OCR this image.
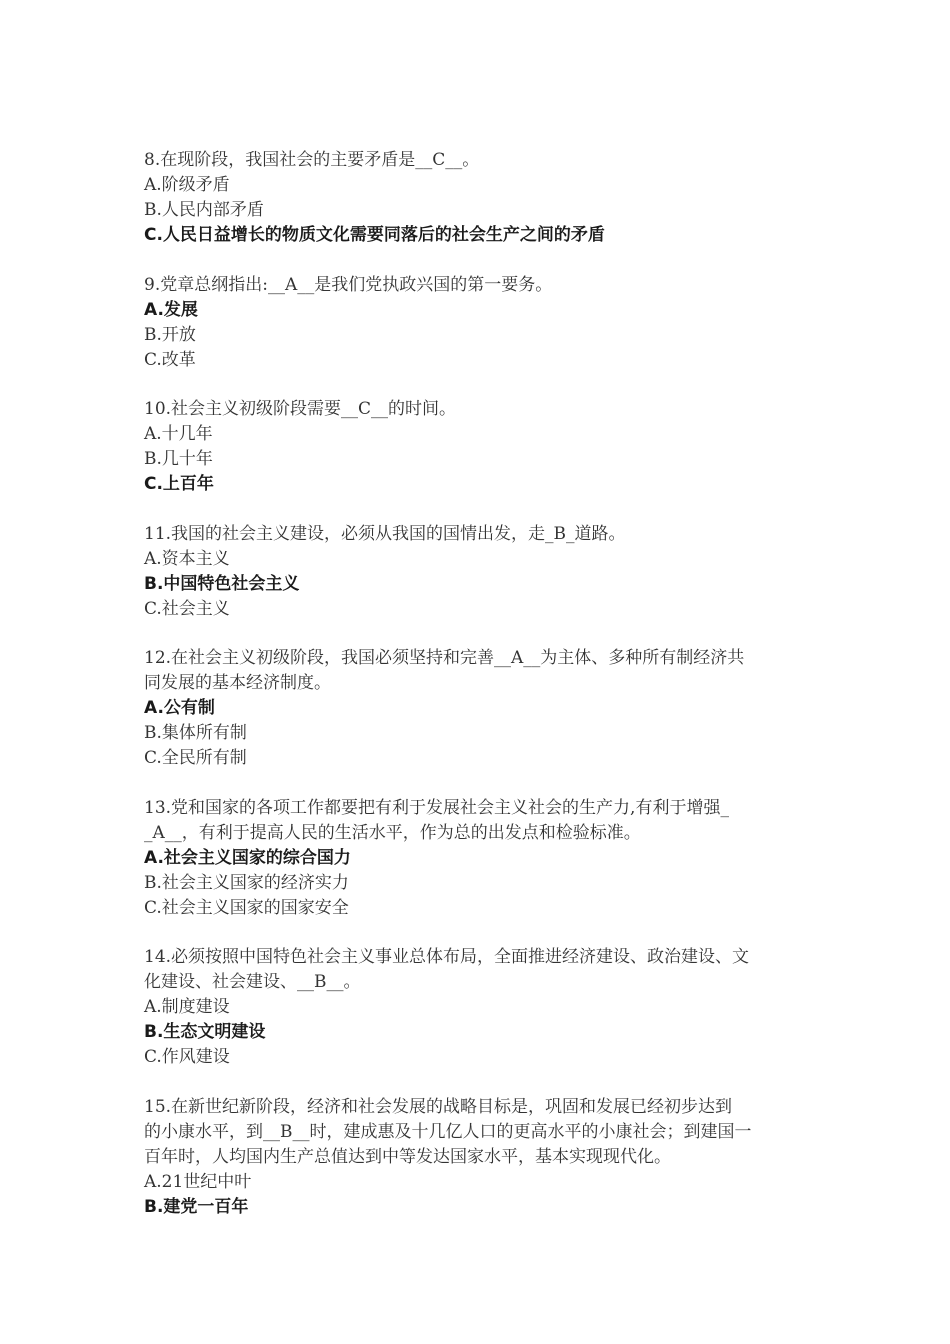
8.在现阶段，我国社会的主要矛盾是__C__。
A.阶级矛盾
B.人民内部矛盾
C.人民日益增长的物质文化需要同落后的社会生产之间的矛盾
9.党章总纲指出:__A__是我们党执政兴国的第一要务。
A.发展
B.开放
C.改革
10.社会主义初级阶段需要__C__的时间。
A.十几年
B.几十年
C.上百年
11.我国的社会主义建设，必须从我国的国情出发，走_B_道路。
A.资本主义
B.中国特色社会主义
C.社会主义
12.在社会主义初级阶段，我国必须坚持和完善__A__为主体、多种所有制经济共
同发展的基本经济制度。
A.公有制
B.集体所有制
C.全民所有制
13.党和国家的各项工作都要把有利于发展社会主义社会的生产力,有利于增强_
_A__，有利于提高人民的生活水平，作为总的出发点和检验标准。
A.社会主义国家的综合国力
B.社会主义国家的经济实力
C.社会主义国家的国家安全
14.必须按照中国特色社会主义事业总体布局，全面推进经济建设、政治建设、文
化建设、社会建设、__B__。
A.制度建设
B.生态文明建设
C.作风建设
15.在新世纪新阶段，经济和社会发展的战略目标是，巩固和发展已经初步达到
的小康水平，到__B__时，建成惠及十几亿人口的更高水平的小康社会；到建国一
百年时，人均国内生产总值达到中等发达国家水平，基本实现现代化。
A.21世纪中叶
B.建党一百年
